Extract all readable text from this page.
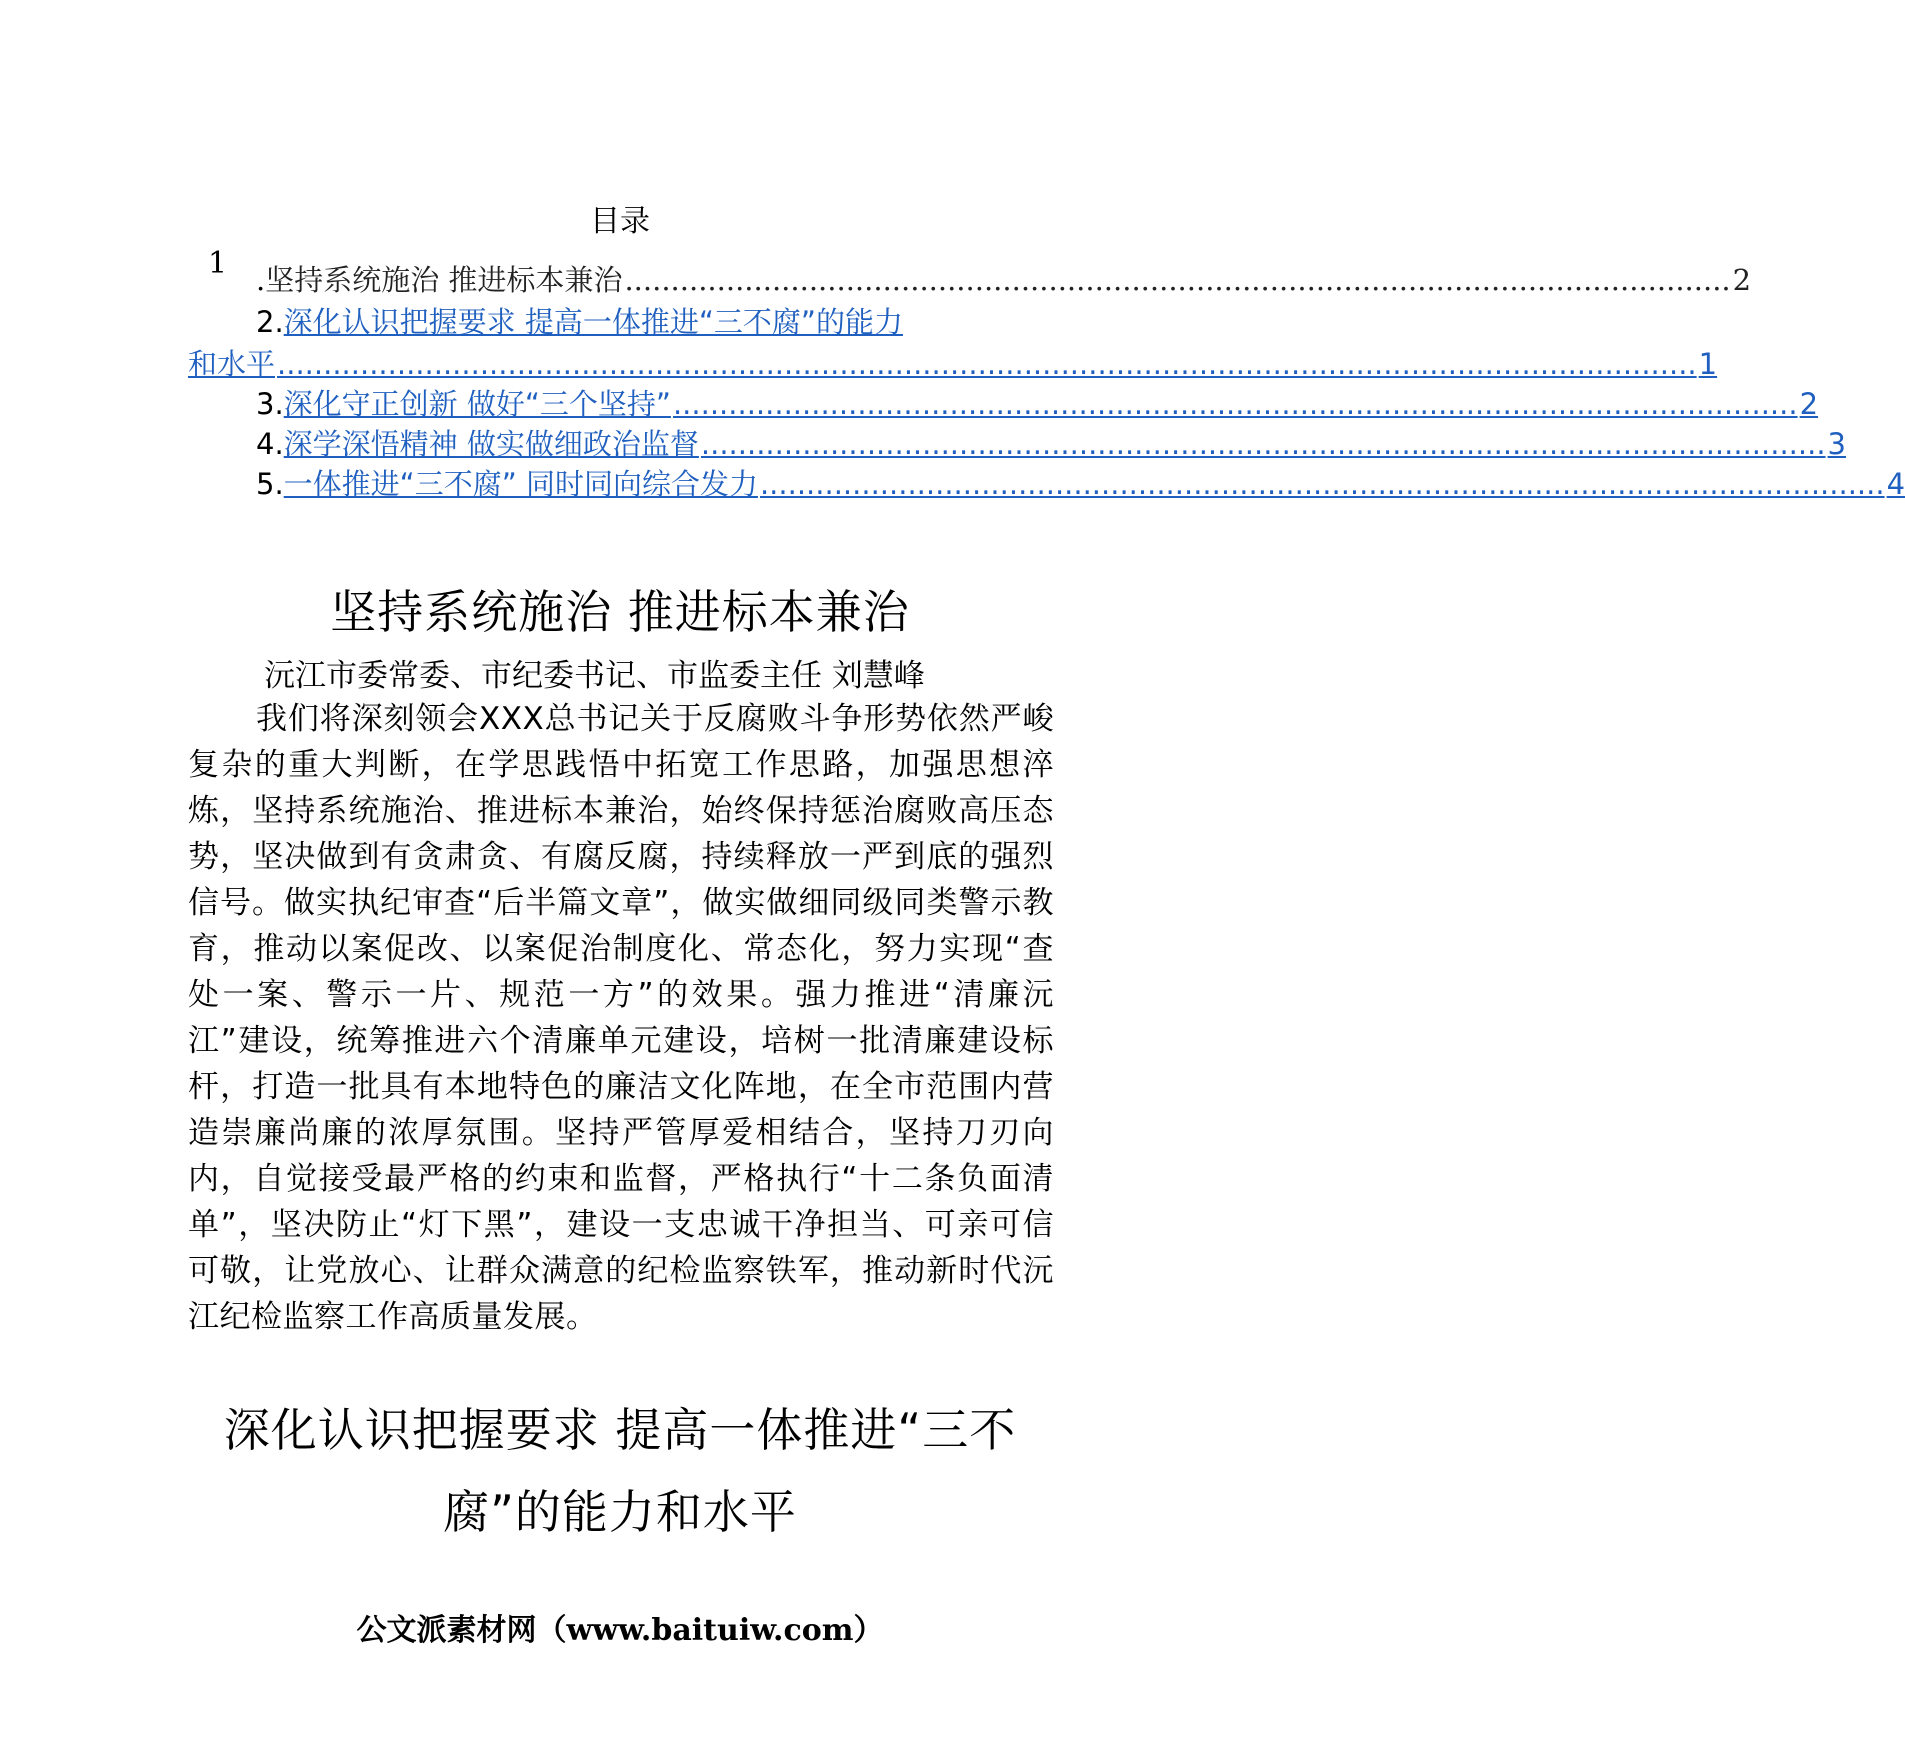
目录
1 . 坚持系统施治 推进标本兼治 ........................................................................................................................ 2
2. 深化认识把握要求 提高一体推进“三不腐”的能力
和水平 .......................................................................................................................................................... 1
3. 深化守正创新 做好“三个坚持” .......................................................................................................................... 2
4. 深学深悟精神 做实做细政治监督 .......................................................................................................................... 3
5. 一体推进“三不腐” 同时同向综合发力 .......................................................................................................................... 4
坚持系统施治 推进标本兼治
沅江市委常委、市纪委书记、市监委主任 刘慧峰
我们将深刻领会XXX总书记关于反腐败斗争形势依然严峻复杂的重大判断，在学思践悟中拓宽工作思路，加强思想淬炼，坚持系统施治、推进标本兼治，始终保持惩治腐败高压态势，坚决做到有贪肃贪、有腐反腐，持续释放一严到底的强烈信号。做实执纪审查“后半篇文章”，做实做细同级同类警示教育，推动以案促改、以案促治制度化、常态化，努力实现“查处一案、警示一片、规范一方”的效果。强力推进“清廉沅江”建设，统筹推进六个清廉单元建设，培树一批清廉建设标杆，打造一批具有本地特色的廉洁文化阵地，在全市范围内营造崇廉尚廉的浓厚氛围。坚持严管厚爱相结合，坚持刀刃向内，自觉接受最严格的约束和监督，严格执行“十二条负面清单”，坚决防止“灯下黑”，建设一支忠诚干净担当、可亲可信可敬，让党放心、让群众满意的纪检监察铁军，推动新时代沅江纪检监察工作高质量发展。
深化认识把握要求 提高一体推进“三不
腐”的能力和水平
公文派素材网（www.baituiw.com）
